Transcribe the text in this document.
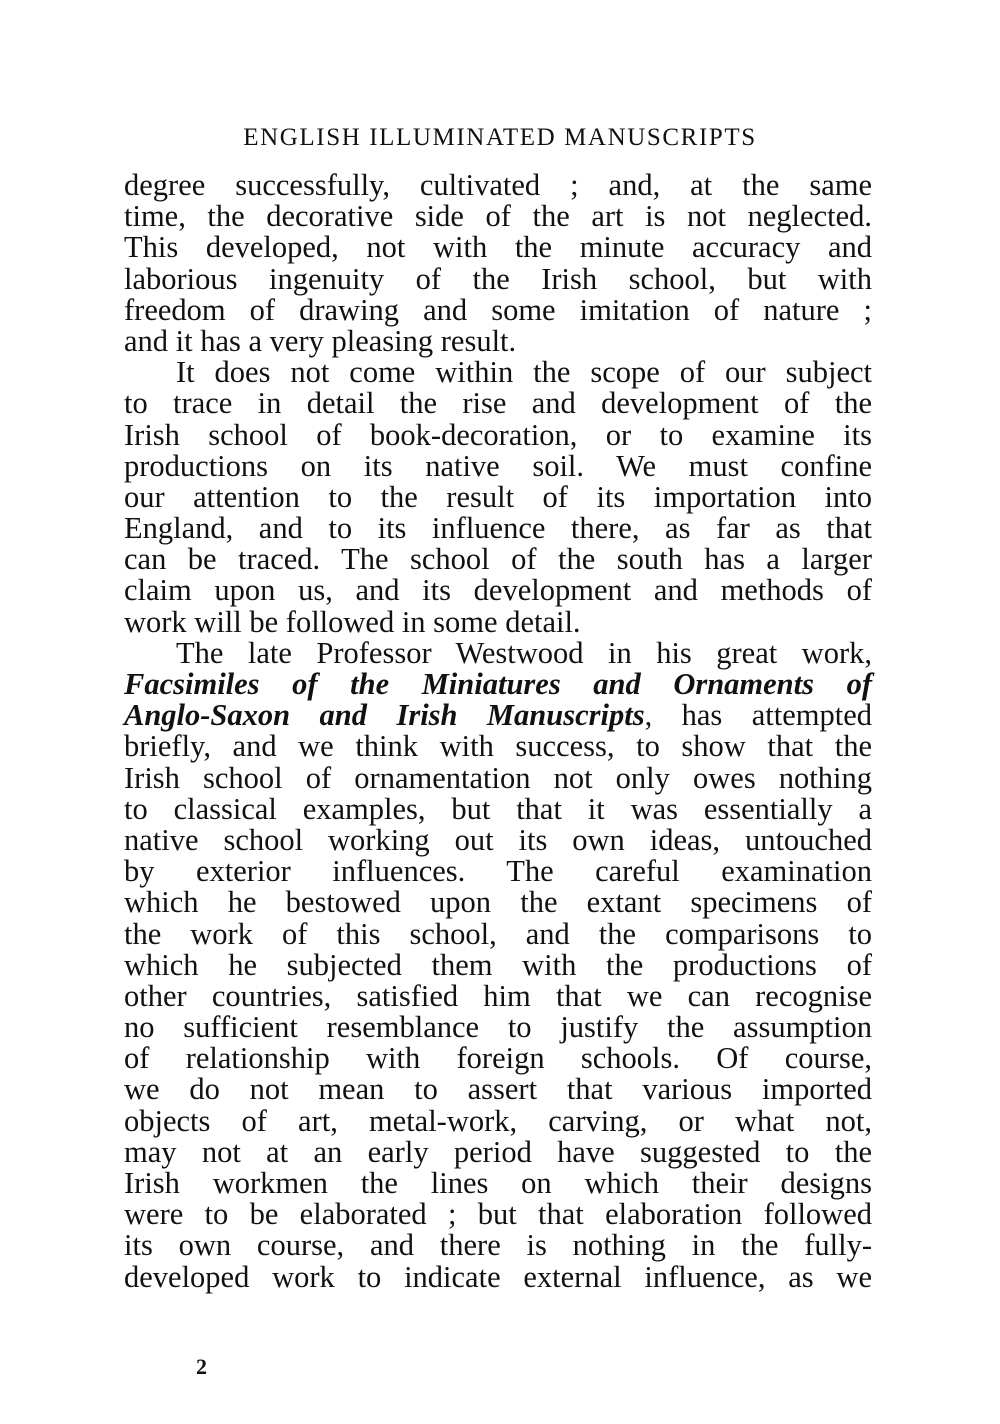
ENGLISH ILLUMINATED MANUSCRIPTS
degree successfully, cultivated ; and, at the same
time, the decorative side of the art is not neglected.
This developed, not with the minute accuracy and
laborious ingenuity of the Irish school, but with
freedom of drawing and some imitation of nature ;
and it has a very pleasing result.
It does not come within the scope of our subject
to trace in detail the rise and development of the
Irish school of book-decoration, or to examine its
productions on its native soil. We must confine
our attention to the result of its importation into
England, and to its influence there, as far as that
can be traced. The school of the south has a larger
claim upon us, and its development and methods of
work will be followed in some detail.
The late Professor Westwood in his great work,
Facsimiles of the Miniatures and Ornaments of
Anglo-Saxon and Irish Manuscripts, has attempted
briefly, and we think with success, to show that the
Irish school of ornamentation not only owes nothing
to classical examples, but that it was essentially a
native school working out its own ideas, untouched
by exterior influences. The careful examination
which he bestowed upon the extant specimens of
the work of this school, and the comparisons to
which he subjected them with the productions of
other countries, satisfied him that we can recognise
no sufficient resemblance to justify the assumption
of relationship with foreign schools. Of course,
we do not mean to assert that various imported
objects of art, metal-work, carving, or what not,
may not at an early period have suggested to the
Irish workmen the lines on which their designs
were to be elaborated ; but that elaboration followed
its own course, and there is nothing in the fully-
developed work to indicate external influence, as we
2
